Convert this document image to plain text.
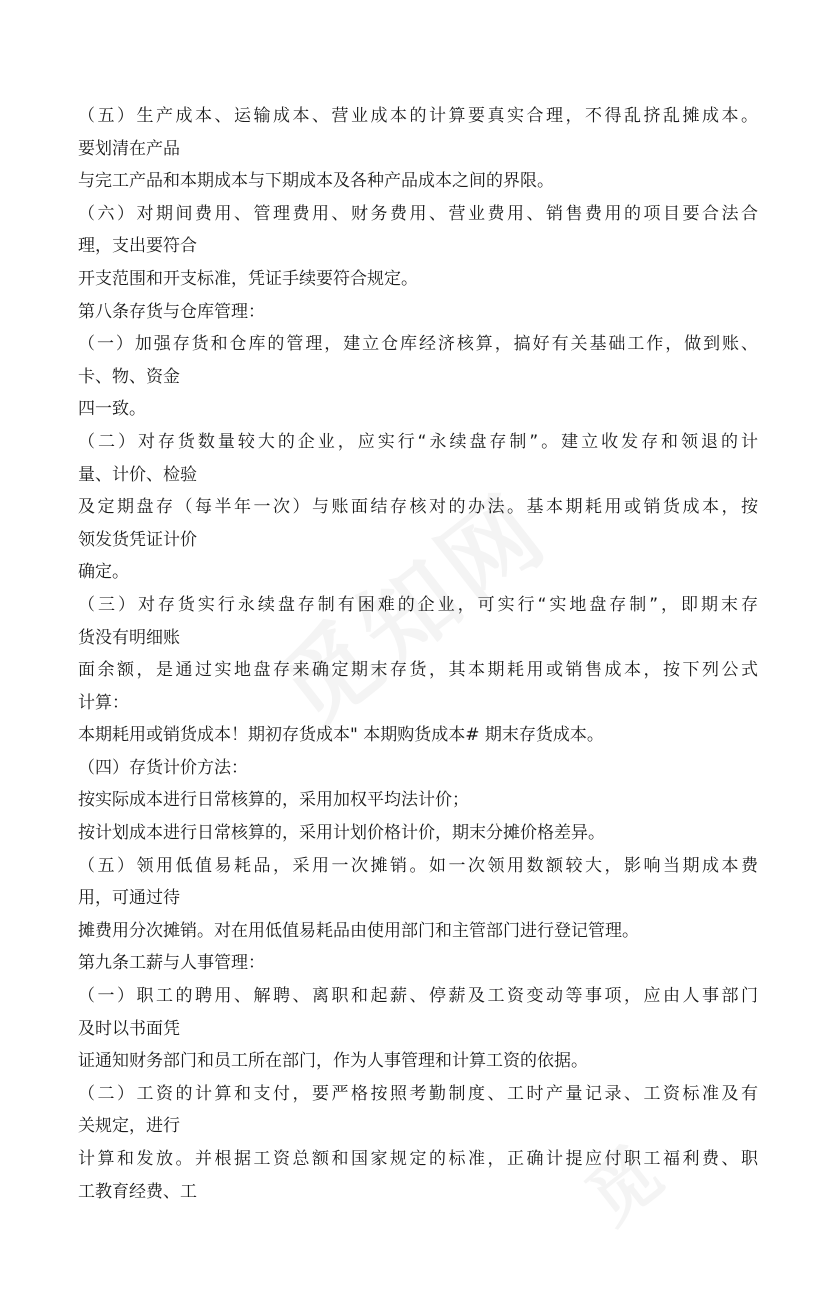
（五）生产成本、运输成本、营业成本的计算要真实合理，不得乱挤乱摊成本。
要划清在产品
与完工产品和本期成本与下期成本及各种产品成本之间的界限。
（六）对期间费用、管理费用、财务费用、营业费用、销售费用的项目要合法合
理，支出要符合
开支范围和开支标准，凭证手续要符合规定。
第八条存货与仓库管理：
（一）加强存货和仓库的管理，建立仓库经济核算，搞好有关基础工作，做到账、
卡、物、资金
四一致。
（二）对存货数量较大的企业，应实行“永续盘存制”。建立收发存和领退的计
量、计价、检验
及定期盘存（每半年一次）与账面结存核对的办法。基本期耗用或销货成本，按
领发货凭证计价
确定。
（三）对存货实行永续盘存制有困难的企业，可实行“实地盘存制”，即期末存
货没有明细账
面余额，是通过实地盘存来确定期末存货，其本期耗用或销售成本，按下列公式
计算：
本期耗用或销货成本！期初存货成本" 本期购货成本# 期末存货成本。
（四）存货计价方法：
按实际成本进行日常核算的，采用加权平均法计价；
按计划成本进行日常核算的，采用计划价格计价，期末分摊价格差异。
（五）领用低值易耗品，采用一次摊销。如一次领用数额较大，影响当期成本费
用，可通过待
摊费用分次摊销。对在用低值易耗品由使用部门和主管部门进行登记管理。
第九条工薪与人事管理：
（一）职工的聘用、解聘、离职和起薪、停薪及工资变动等事项，应由人事部门
及时以书面凭
证通知财务部门和员工所在部门，作为人事管理和计算工资的依据。
（二）工资的计算和支付，要严格按照考勤制度、工时产量记录、工资标准及有
关规定，进行
计算和发放。并根据工资总额和国家规定的标准，正确计提应付职工福利费、职
工教育经费、工
